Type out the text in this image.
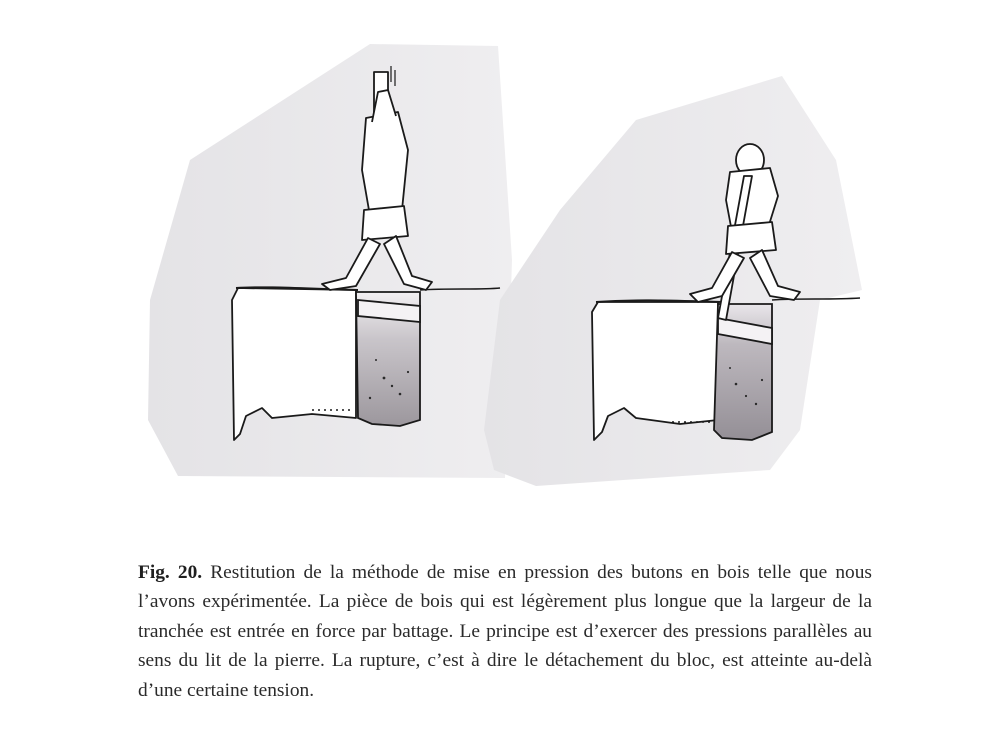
Fig. 20. Restitution de la méthode de mise en pression des butons en bois telle que nous l’avons expérimentée. La pièce de bois qui est légèrement plus longue que la largeur de la tranchée est entrée en force par battage. Le principe est d’exercer des pressions parallèles au sens du lit de la pierre. La rupture, c’est à dire le détachement du bloc, est atteinte au-delà d’une certaine tension.
